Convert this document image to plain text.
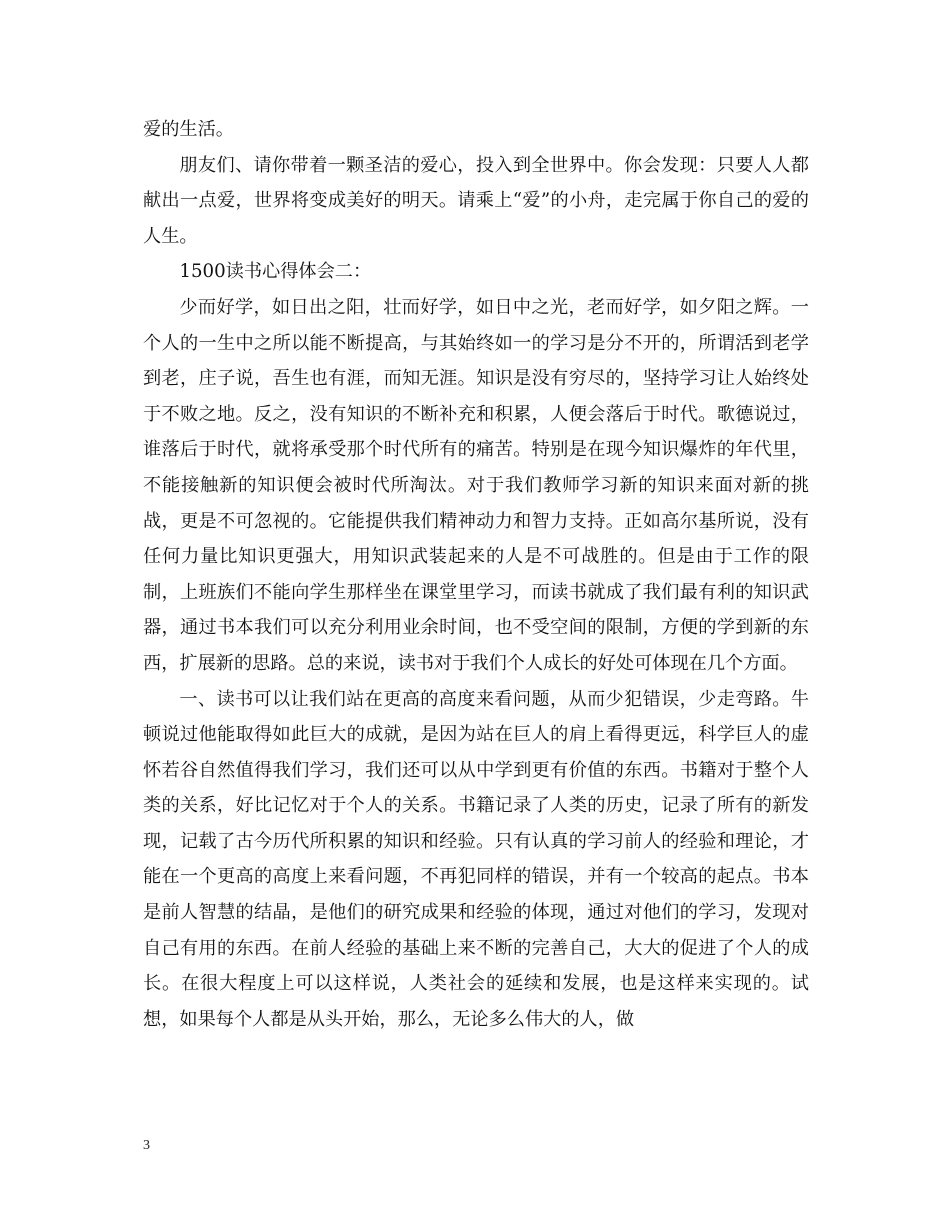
爱的生活。

朋友们、请你带着一颗圣洁的爱心，投入到全世界中。你会发现：只要人人都献出一点爱，世界将变成美好的明天。请乘上“爱”的小舟，走完属于你自己的爱的人生。

1500读书心得体会二：

少而好学，如日出之阳，壮而好学，如日中之光，老而好学，如夕阳之辉。一个人的一生中之所以能不断提高，与其始终如一的学习是分不开的，所谓活到老学到老，庄子说，吾生也有涯，而知无涯。知识是没有穷尽的，坚持学习让人始终处于不败之地。反之，没有知识的不断补充和积累，人便会落后于时代。歌德说过，谁落后于时代，就将承受那个时代所有的痛苦。特别是在现今知识爆炸的年代里，不能接触新的知识便会被时代所淘汰。对于我们教师学习新的知识来面对新的挑战，更是不可忽视的。它能提供我们精神动力和智力支持。正如高尔基所说，没有任何力量比知识更强大，用知识武装起来的人是不可战胜的。但是由于工作的限制，上班族们不能向学生那样坐在课堂里学习，而读书就成了我们最有利的知识武器，通过书本我们可以充分利用业余时间，也不受空间的限制，方便的学到新的东西，扩展新的思路。总的来说，读书对于我们个人成长的好处可体现在几个方面。

一、读书可以让我们站在更高的高度来看问题，从而少犯错误，少走弯路。牛顿说过他能取得如此巨大的成就，是因为站在巨人的肩上看得更远，科学巨人的虚怀若谷自然值得我们学习，我们还可以从中学到更有价值的东西。书籍对于整个人类的关系，好比记忆对于个人的关系。书籍记录了人类的历史，记录了所有的新发现，记载了古今历代所积累的知识和经验。只有认真的学习前人的经验和理论，才能在一个更高的高度上来看问题，不再犯同样的错误，并有一个较高的起点。书本是前人智慧的结晶，是他们的研究成果和经验的体现，通过对他们的学习，发现对自己有用的东西。在前人经验的基础上来不断的完善自己，大大的促进了个人的成长。在很大程度上可以这样说，人类社会的延续和发展，也是这样来实现的。试想，如果每个人都是从头开始，那么，无论多么伟大的人，做

3
